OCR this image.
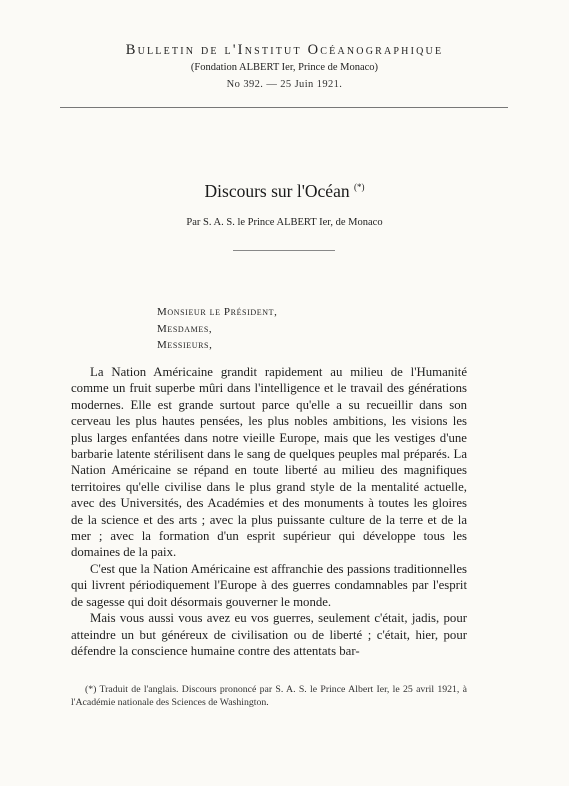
Bulletin de l'Institut Océanographique
(Fondation ALBERT Ier, Prince de Monaco)
No 392. — 25 Juin 1921.
Discours sur l'Océan (*)
Par S. A. S. le Prince ALBERT Ier, de Monaco
Monsieur le Président,
Mesdames,
Messieurs,

La Nation Américaine grandit rapidement au milieu de l'Humanité comme un fruit superbe mûri dans l'intelligence et le travail des générations modernes. Elle est grande surtout parce qu'elle a su recueillir dans son cerveau les plus hautes pensées, les plus nobles ambitions, les visions les plus larges enfantées dans notre vieille Europe, mais que les vestiges d'une barbarie latente stérilisent dans le sang de quelques peuples mal préparés. La Nation Américaine se répand en toute liberté au milieu des magnifiques territoires qu'elle civilise dans le plus grand style de la mentalité actuelle, avec des Universités, des Académies et des monuments à toutes les gloires de la science et des arts ; avec la plus puissante culture de la terre et de la mer ; avec la formation d'un esprit supérieur qui développe tous les domaines de la paix.

C'est que la Nation Américaine est affranchie des passions traditionnelles qui livrent périodiquement l'Europe à des guerres condamnables par l'esprit de sagesse qui doit désormais gouverner le monde.

Mais vous aussi vous avez eu vos guerres, seulement c'était, jadis, pour atteindre un but généreux de civilisation ou de liberté ; c'était, hier, pour défendre la conscience humaine contre des attentats bar-

(*) Traduit de l'anglais. Discours prononcé par S. A. S. le Prince Albert Ier, le 25 avril 1921, à l'Académie nationale des Sciences de Washington.
